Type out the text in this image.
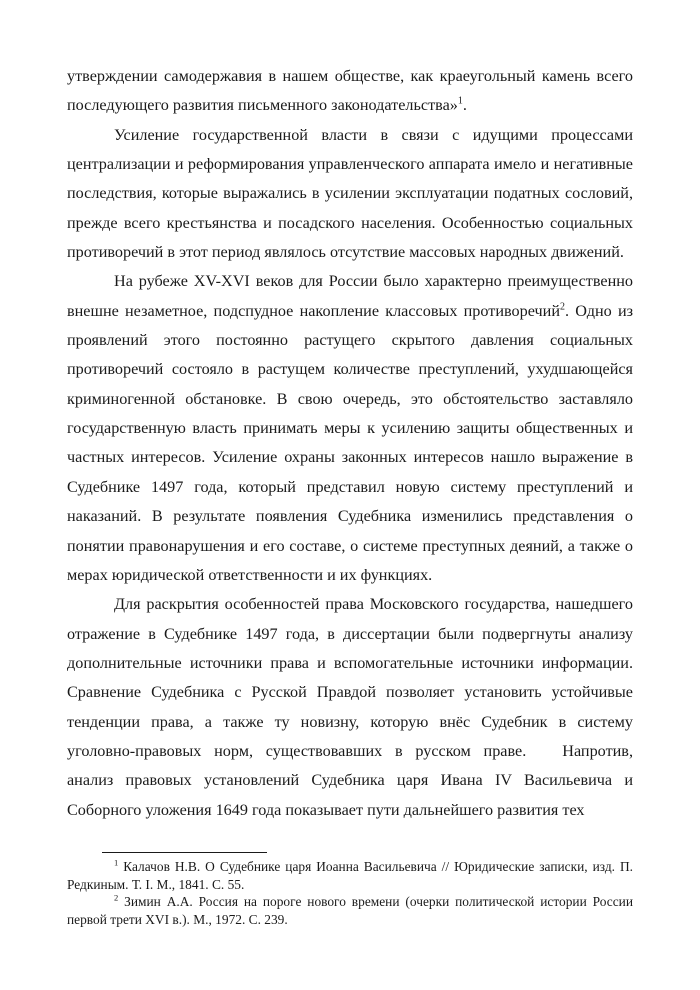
утверждении самодержавия в нашем обществе, как краеугольный камень всего последующего развития письменного законодательства»$^1$.

Усиление государственной власти в связи с идущими процессами централизации и реформирования управленческого аппарата имело и негативные последствия, которые выражались в усилении эксплуатации податных сословий, прежде всего крестьянства и посадского населения. Особенностью социальных противоречий в этот период являлось отсутствие массовых народных движений.

На рубеже XV-XVI веков для России было характерно преимущественно внешне незаметное, подспудное накопление классовых противоречий$^2$. Одно из проявлений этого постоянно растущего скрытого давления социальных противоречий состояло в растущем количестве преступлений, ухудшающейся криминогенной обстановке. В свою очередь, это обстоятельство заставляло государственную власть принимать меры к усилению защиты общественных и частных интересов. Усиление охраны законных интересов нашло выражение в Судебнике 1497 года, который представил новую систему преступлений и наказаний. В результате появления Судебника изменились представления о понятии правонарушения и его составе, о системе преступных деяний, а также о мерах юридической ответственности и их функциях.

Для раскрытия особенностей права Московского государства, нашедшего отражение в Судебнике 1497 года, в диссертации были подвергнуты анализу дополнительные источники права и вспомогательные источники информации. Сравнение Судебника с Русской Правдой позволяет установить устойчивые тенденции права, а также ту новизну, которую внёс Судебник в систему уголовно-правовых норм, существовавших в русском праве. Напротив, анализ правовых установлений Судебника царя Ивана IV Васильевича и Соборного уложения 1649 года показывает пути дальнейшего развития тех

$^1$ Калачов Н.В. О Судебнике царя Иоанна Васильевича // Юридические записки, изд. П. Редкиным. Т. I. М., 1841. С. 55.

$^2$ Зимин А.А. Россия на пороге нового времени (очерки политической истории России первой трети XVI в.). М., 1972. С. 239.
